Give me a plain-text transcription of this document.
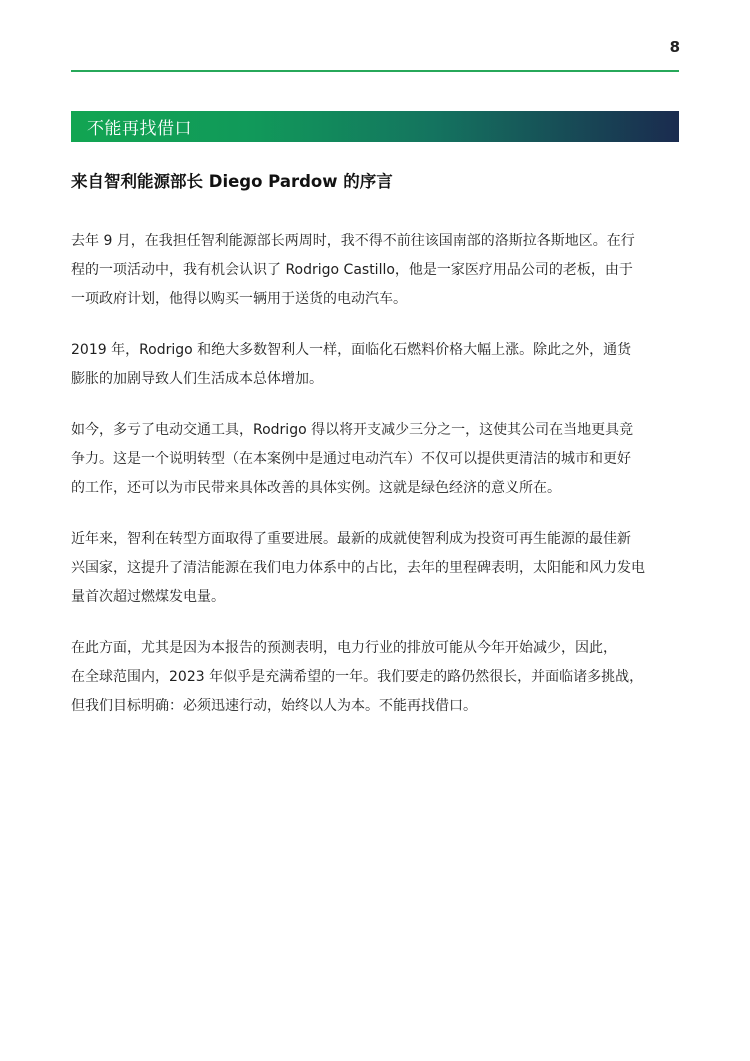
8
不能再找借口
来自智利能源部长 Diego Pardow 的序言

去年 9 月，在我担任智利能源部长两周时，我不得不前往该国南部的洛斯拉各斯地区。在行
程的一项活动中，我有机会认识了 Rodrigo Castillo，他是一家医疗用品公司的老板，由于
一项政府计划，他得以购买一辆用于送货的电动汽车。

2019 年，Rodrigo 和绝大多数智利人一样，面临化石燃料价格大幅上涨。除此之外，通货
膨胀的加剧导致人们生活成本总体增加。

如今，多亏了电动交通工具，Rodrigo 得以将开支减少三分之一，这使其公司在当地更具竞
争力。这是一个说明转型（在本案例中是通过电动汽车）不仅可以提供更清洁的城市和更好
的工作，还可以为市民带来具体改善的具体实例。这就是绿色经济的意义所在。

近年来，智利在转型方面取得了重要进展。最新的成就使智利成为投资可再生能源的最佳新
兴国家，这提升了清洁能源在我们电力体系中的占比，去年的里程碑表明，太阳能和风力发电
量首次超过燃煤发电量。

在此方面，尤其是因为本报告的预测表明，电力行业的排放可能从今年开始减少，因此，
在全球范围内，2023 年似乎是充满希望的一年。我们要走的路仍然很长，并面临诸多挑战，
但我们目标明确：必须迅速行动，始终以人为本。不能再找借口。
